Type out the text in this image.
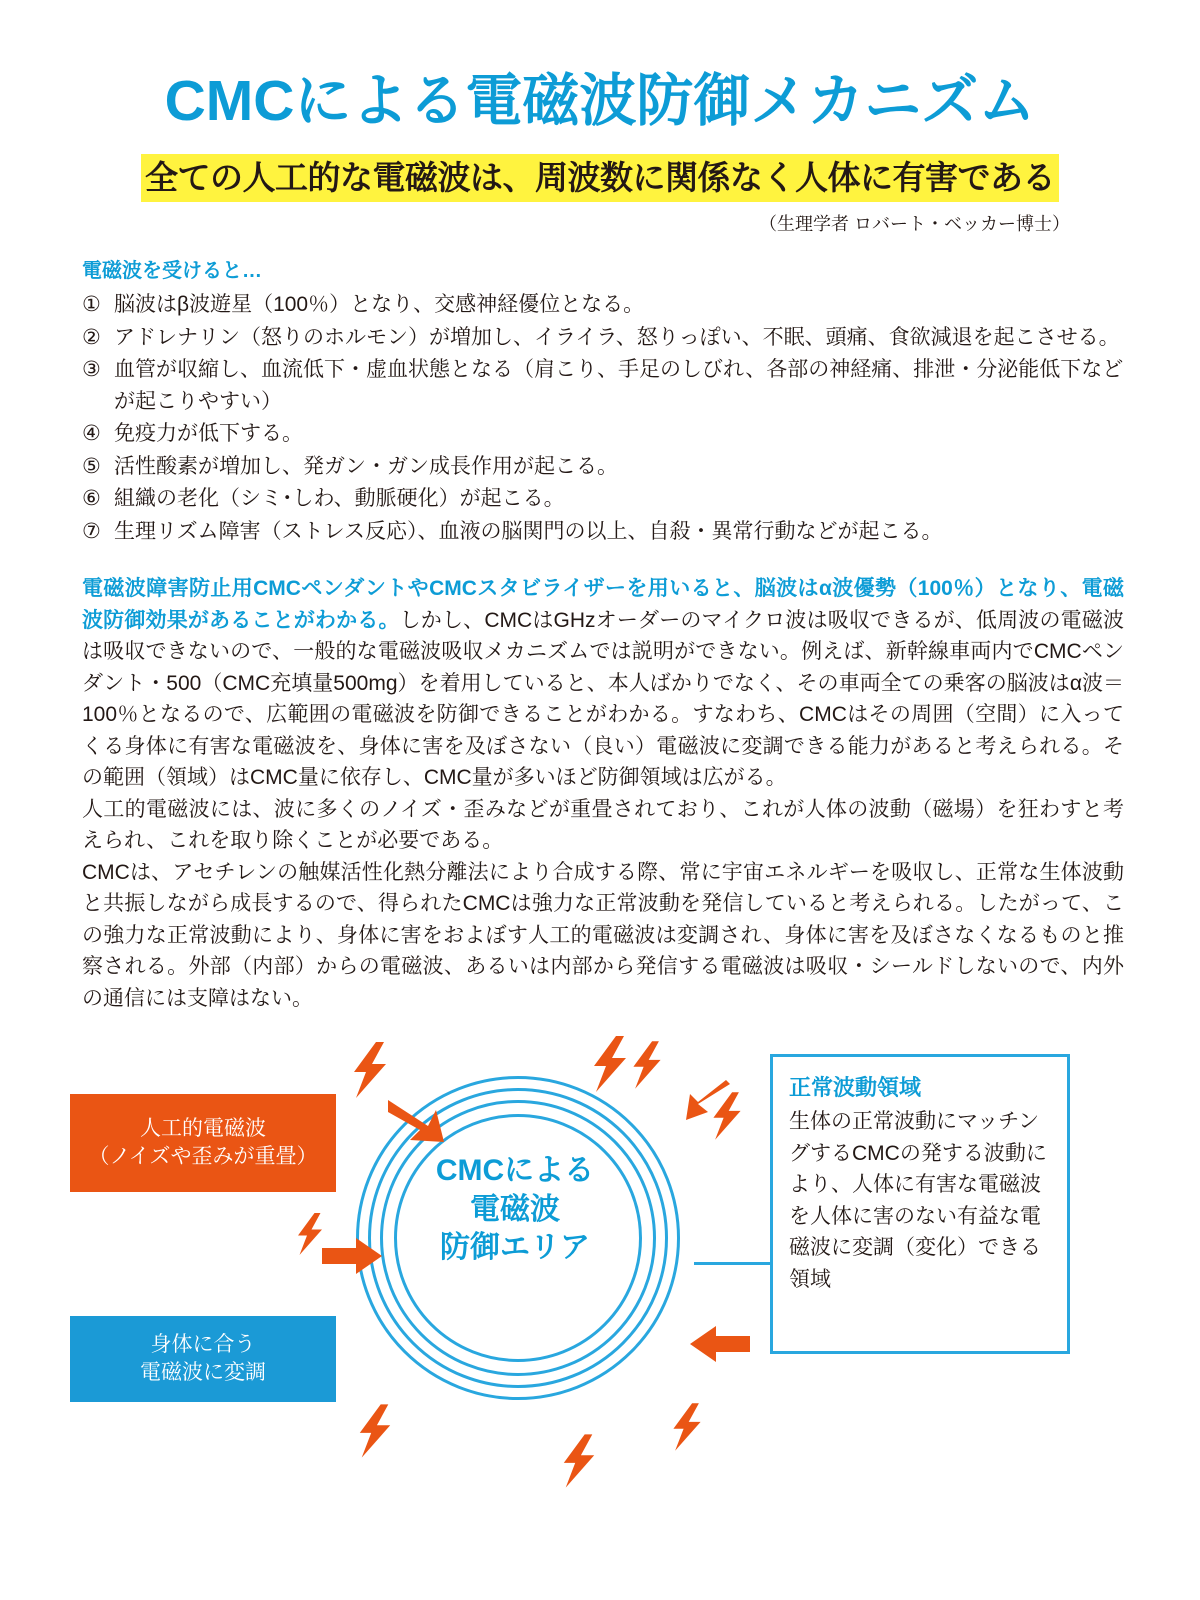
CMCによる電磁波防御メカニズム
全ての人工的な電磁波は、周波数に関係なく人体に有害である
（生理学者 ロバート・ベッカー博士）
電磁波を受けると…
① 脳波はβ波遊星（100％）となり、交感神経優位となる。
② アドレナリン（怒りのホルモン）が増加し、イライラ、怒りっぽい、不眠、頭痛、食欲減退を起こさせる。
③ 血管が収縮し、血流低下・虚血状態となる（肩こり、手足のしびれ、各部の神経痛、排泄・分泌能低下などが起こりやすい）
④ 免疫力が低下する。
⑤ 活性酸素が増加し、発ガン・ガン成長作用が起こる。
⑥ 組織の老化（シミ･しわ、動脈硬化）が起こる。
⑦ 生理リズム障害（ストレス反応）、血液の脳関門の以上、自殺・異常行動などが起こる。

電磁波障害防止用CMCペンダントやCMCスタビライザーを用いると、脳波はα波優勢（100％）となり、電磁波防御効果があることがわかる。しかし、CMCはGHzオーダーのマイクロ波は吸収できるが、低周波の電磁波は吸収できないので、一般的な電磁波吸収メカニズムでは説明ができない。例えば、新幹線車両内でCMCペンダント・500（CMC充填量500mg）を着用していると、本人ばかりでなく、その車両全ての乗客の脳波はα波＝100％となるので、広範囲の電磁波を防御できることがわかる。すなわち、CMCはその周囲（空間）に入ってくる身体に有害な電磁波を、身体に害を及ぼさない（良い）電磁波に変調できる能力があると考えられる。その範囲（領域）はCMC量に依存し、CMC量が多いほど防御領域は広がる。

人工的電磁波には、波に多くのノイズ・歪みなどが重畳されており、これが人体の波動（磁場）を狂わすと考えられ、これを取り除くことが必要である。

CMCは、アセチレンの触媒活性化熱分離法により合成する際、常に宇宙エネルギーを吸収し、正常な生体波動と共振しながら成長するので、得られたCMCは強力な正常波動を発信していると考えられる。したがって、この強力な正常波動により、身体に害をおよぼす人工的電磁波は変調され、身体に害を及ぼさなくなるものと推察される。外部（内部）からの電磁波、あるいは内部から発信する電磁波は吸収・シールドしないので、内外の通信には支障はない。

人工的電磁波
（ノイズや歪みが重畳）
身体に合う
電磁波に変調
CMCによる
電磁波
防御エリア
正常波動領域
生体の正常波動にマッチングするCMCの発する波動により、人体に有害な電磁波を人体に害のない有益な電磁波に変調（変化）できる領域
